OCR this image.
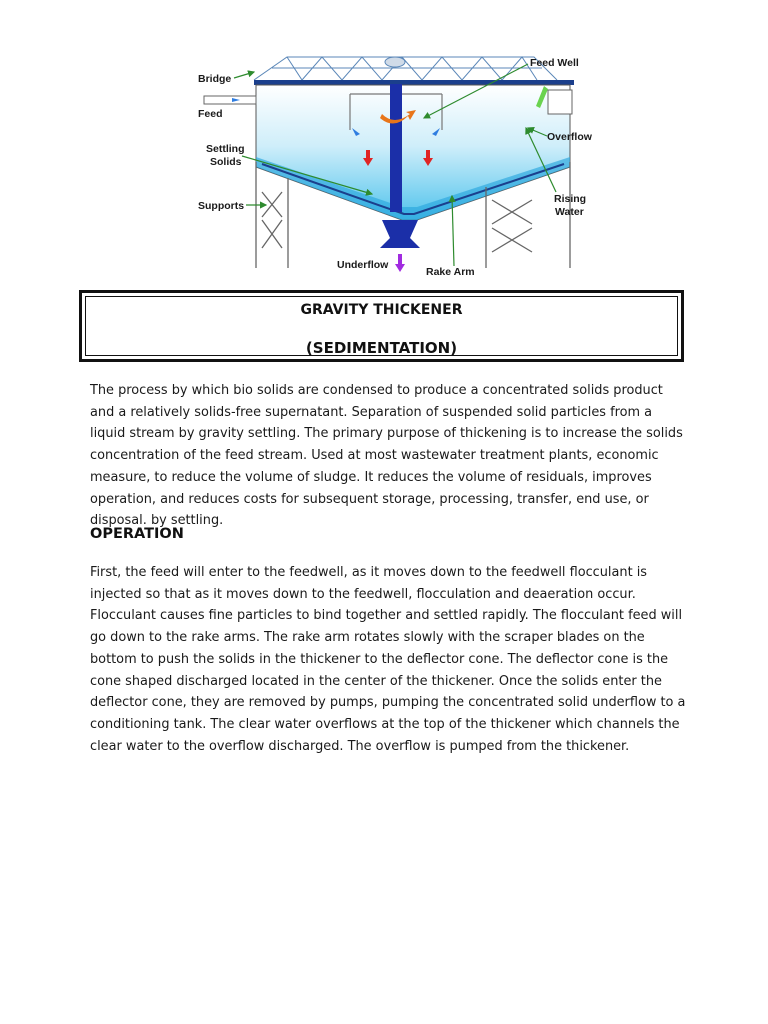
Bridge
Feed
Feed Well
Settling
Solids
Supports
Overflow
Rising
Water
Underflow
Rake Arm
GRAVITY THICKENER
(SEDIMENTATION)

The process by which bio solids are condensed to produce a concentrated solids product and a relatively solids-free supernatant. Separation of suspended solid particles from a liquid stream by gravity settling. The primary purpose of thickening is to increase the solids concentration of the feed stream. Used at most wastewater treatment plants, economic measure, to reduce the volume of sludge. It reduces the volume of residuals, improves operation, and reduces costs for subsequent storage, processing, transfer, end use, or disposal. by settling.

OPERATION

First, the feed will enter to the feedwell, as it moves down to the feedwell flocculant is injected so that as it moves down to the feedwell, flocculation and deaeration occur. Flocculant causes fine particles to bind together and settled rapidly. The flocculant feed will go down to the rake arms. The rake arm rotates slowly with the scraper blades on the bottom to push the solids in the thickener to the deflector cone. The deflector cone is the cone shaped discharged located in the center of the thickener. Once the solids enter the deflector cone, they are removed by pumps, pumping the concentrated solid underflow to a conditioning tank. The clear water overflows at the top of the thickener which channels the clear water to the overflow discharged. The overflow is pumped from the thickener.
